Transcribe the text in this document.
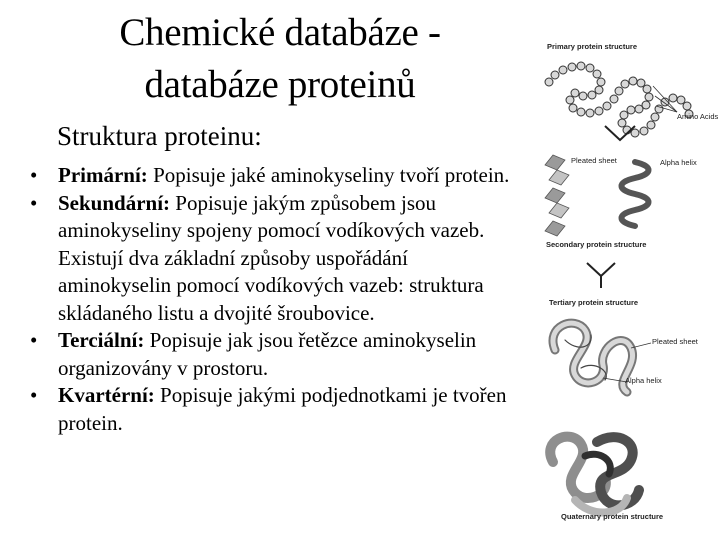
Chemické databáze -
databáze proteinů
Struktura proteinu:
• Primární: Popisuje jaké aminokyseliny tvoří protein.
• Sekundární: Popisuje jakým způsobem jsou aminokyseliny spojeny pomocí vodíkových vazeb. Existují dva základní způsoby uspořádání aminokyselin pomocí vodíkových vazeb: struktura skládaného listu a dvojité šroubovice.
• Terciální: Popisuje jak jsou řetězce aminokyselin organizovány v prostoru.
• Kvartérní: Popisuje jakými podjednotkami je tvořen protein.
Primary protein structure
Amino Acids
Pleated sheet	Alpha helix
Secondary protein structure
Tertiary protein structure
Pleated sheet
Alpha helix
Quaternary protein structure
